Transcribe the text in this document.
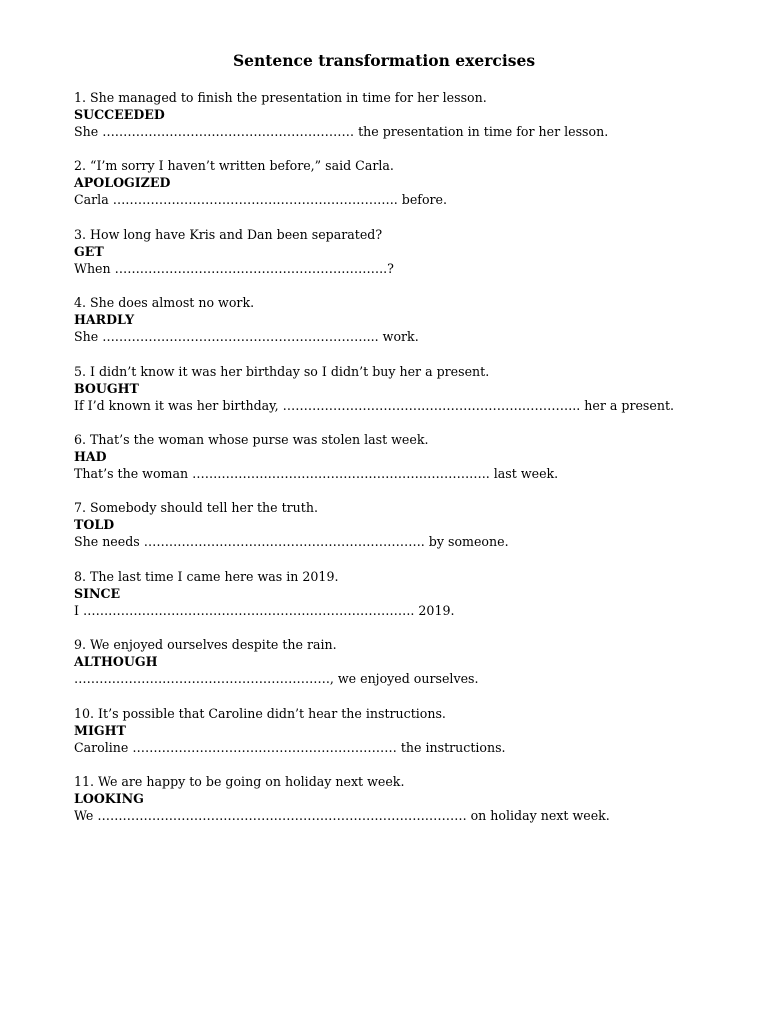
Sentence transformation exercises
1. She managed to finish the presentation in time for her lesson.
SUCCEEDED
She …………………………………………………… the presentation in time for her lesson.
2. “I’m sorry I haven’t written before,” said Carla.
APOLOGIZED
Carla ………………………………………………………….. before.
3. How long have Kris and Dan been separated?
GET
When ………………………………………………………..?
4. She does almost no work.
HARDLY
She ………………………………………………………... work.
5. I didn’t know it was her birthday so I didn’t buy her a present.
BOUGHT
If I’d known it was her birthday, …………………………………………………………….. her a present.
6. That’s the woman whose purse was stolen last week.
HAD
That’s the woman …………………………………………………………….. last week.
7. Somebody should tell her the truth.
TOLD
She needs …………………………………………………………. by someone.
8. The last time I came here was in 2019.
SINCE
I ……………………………………………………………………. 2019.
9. We enjoyed ourselves despite the rain.
ALTHOUGH
……………………………………………………., we enjoyed ourselves.
10. It’s possible that Caroline didn’t hear the instructions.
MIGHT
Caroline ……………………………………………………… the instructions.
11. We are happy to be going on holiday next week.
LOOKING
We ……………………………………………………………………………. on holiday next week.
